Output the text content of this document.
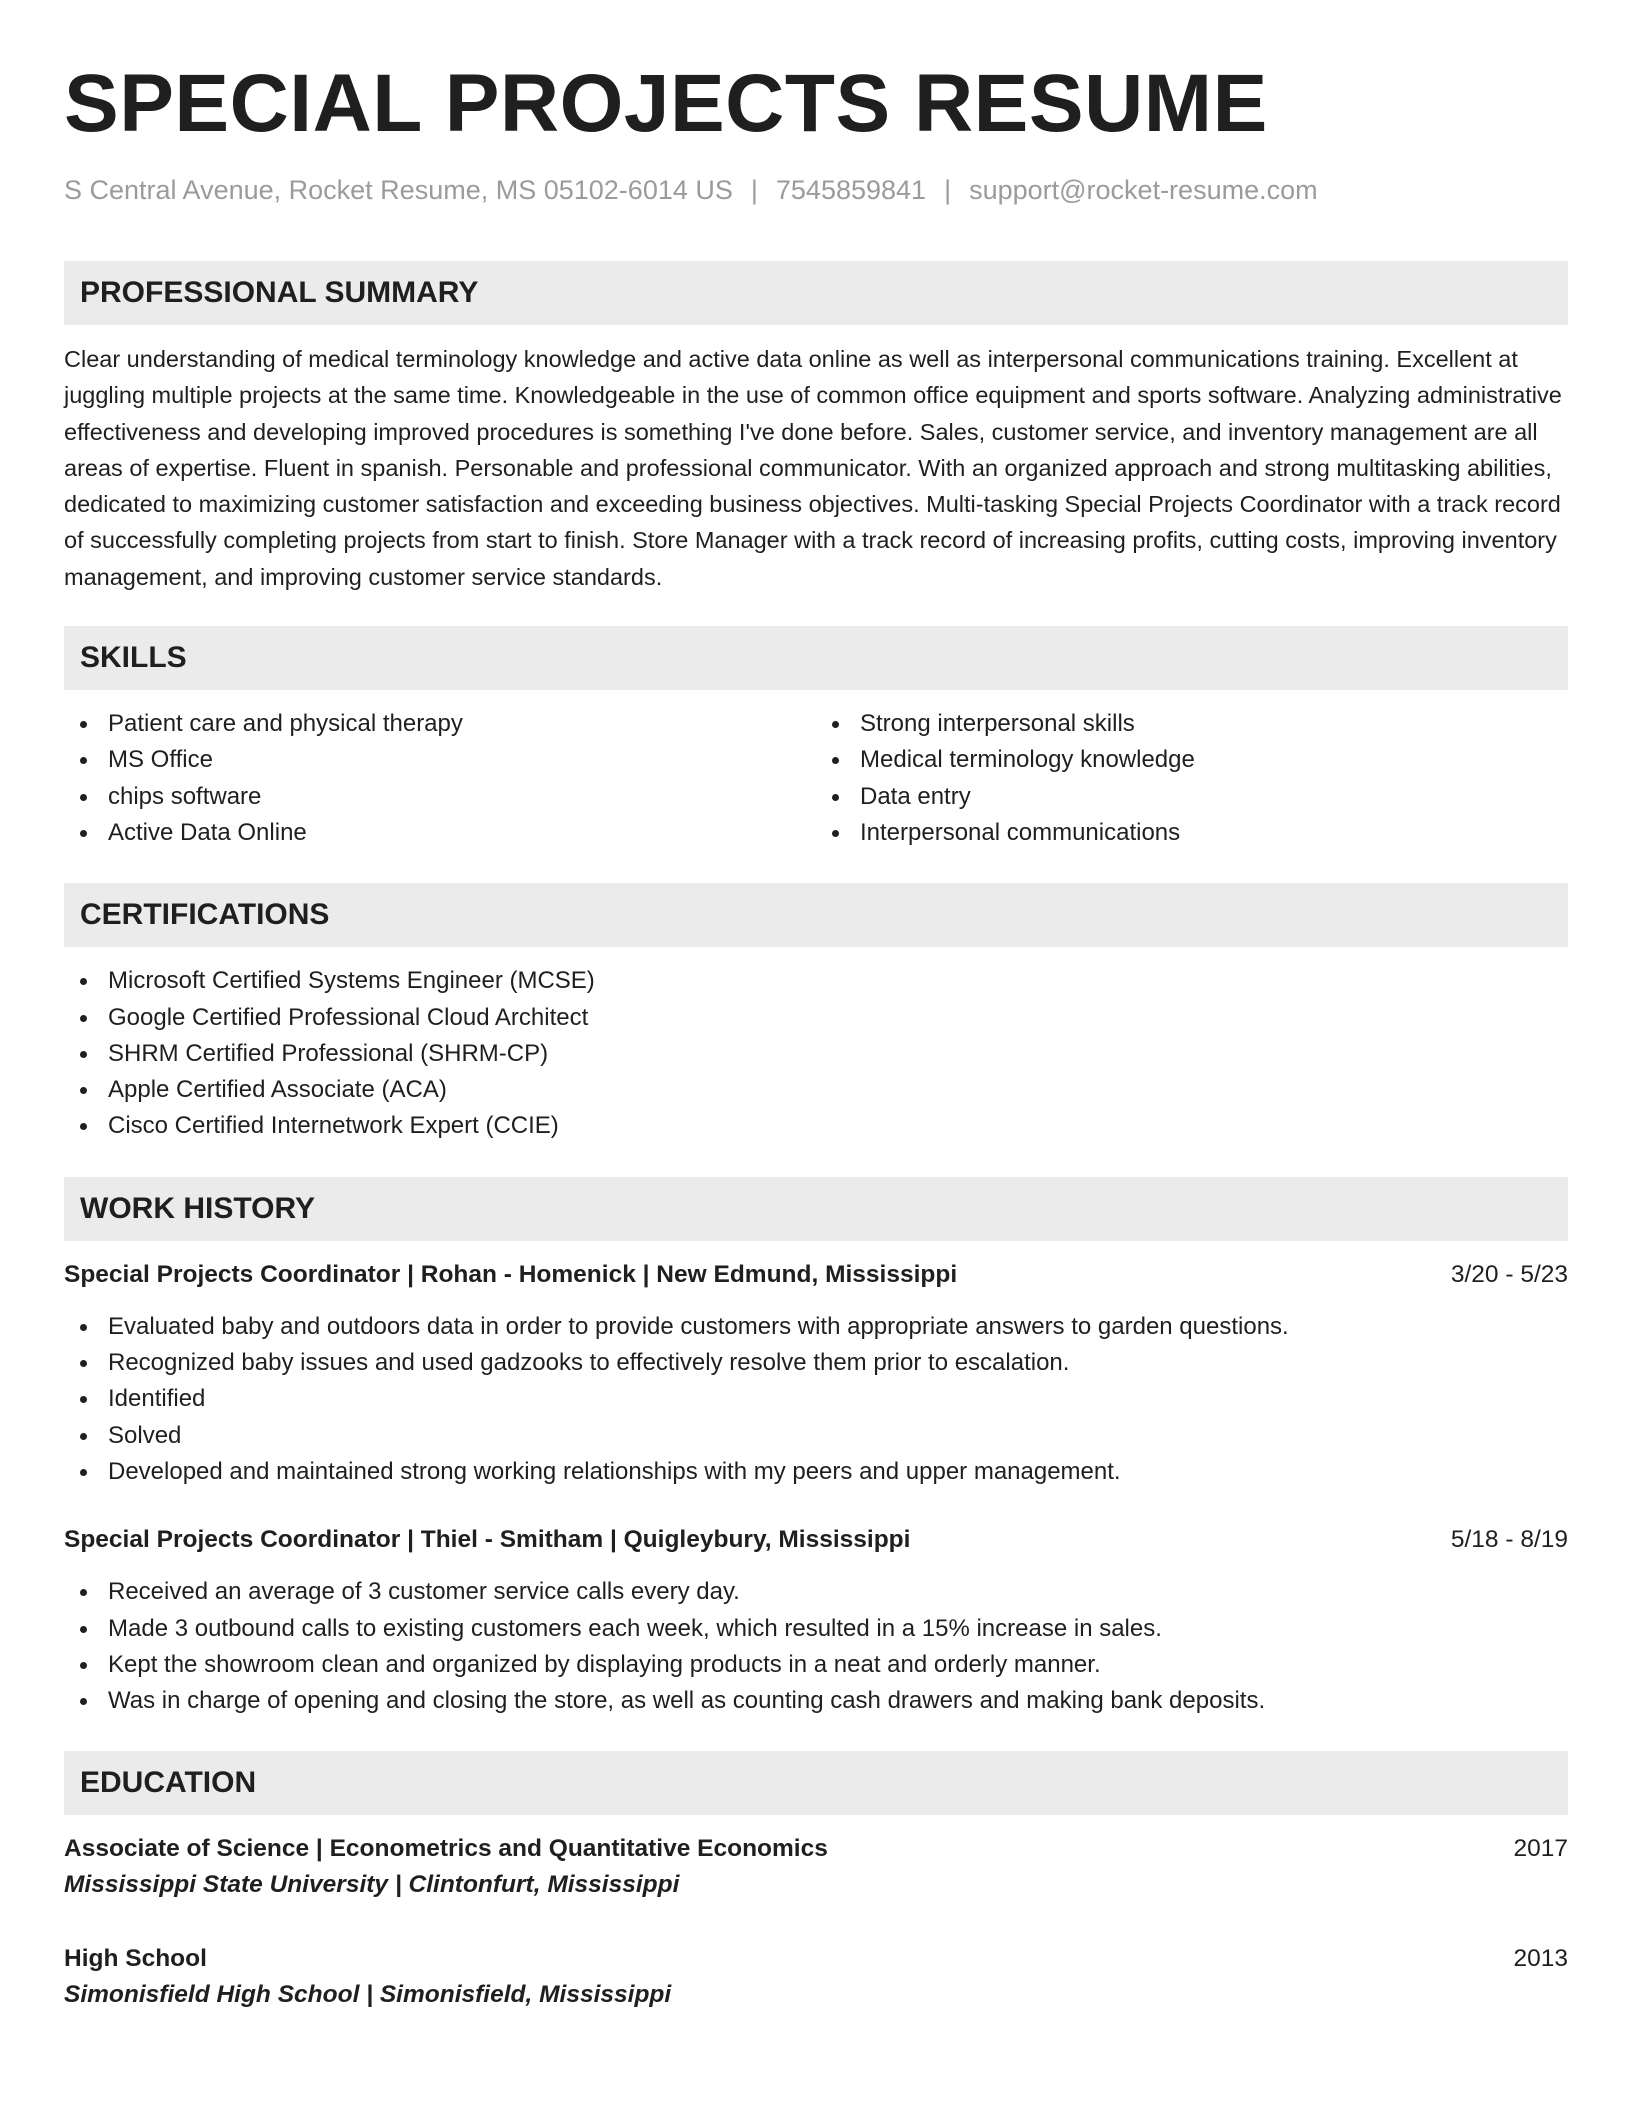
SPECIAL PROJECTS RESUME
S Central Avenue, Rocket Resume, MS 05102-6014 US | 7545859841 | support@rocket-resume.com
PROFESSIONAL SUMMARY

Clear understanding of medical terminology knowledge and active data online as well as interpersonal communications training. Excellent at juggling multiple projects at the same time. Knowledgeable in the use of common office equipment and sports software. Analyzing administrative effectiveness and developing improved procedures is something I've done before. Sales, customer service, and inventory management are all areas of expertise. Fluent in spanish. Personable and professional communicator. With an organized approach and strong multitasking abilities, dedicated to maximizing customer satisfaction and exceeding business objectives. Multi-tasking Special Projects Coordinator with a track record of successfully completing projects from start to finish. Store Manager with a track record of increasing profits, cutting costs, improving inventory management, and improving customer service standards.

SKILLS
Patient care and physical therapy
MS Office
chips software
Active Data Online
Strong interpersonal skills
Medical terminology knowledge
Data entry
Interpersonal communications
CERTIFICATIONS
Microsoft Certified Systems Engineer (MCSE)
Google Certified Professional Cloud Architect
SHRM Certified Professional (SHRM-CP)
Apple Certified Associate (ACA)
Cisco Certified Internetwork Expert (CCIE)
WORK HISTORY
Special Projects Coordinator | Rohan - Homenick | New Edmund, Mississippi	3/20 - 5/23
Evaluated baby and outdoors data in order to provide customers with appropriate answers to garden questions.
Recognized baby issues and used gadzooks to effectively resolve them prior to escalation.
Identified
Solved
Developed and maintained strong working relationships with my peers and upper management.
Special Projects Coordinator | Thiel - Smitham | Quigleybury, Mississippi	5/18 - 8/19
Received an average of 3 customer service calls every day.
Made 3 outbound calls to existing customers each week, which resulted in a 15% increase in sales.
Kept the showroom clean and organized by displaying products in a neat and orderly manner.
Was in charge of opening and closing the store, as well as counting cash drawers and making bank deposits.
EDUCATION
Associate of Science | Econometrics and Quantitative Economics	2017
Mississippi State University | Clintonfurt, Mississippi
High School	2013
Simonisfield High School | Simonisfield, Mississippi
